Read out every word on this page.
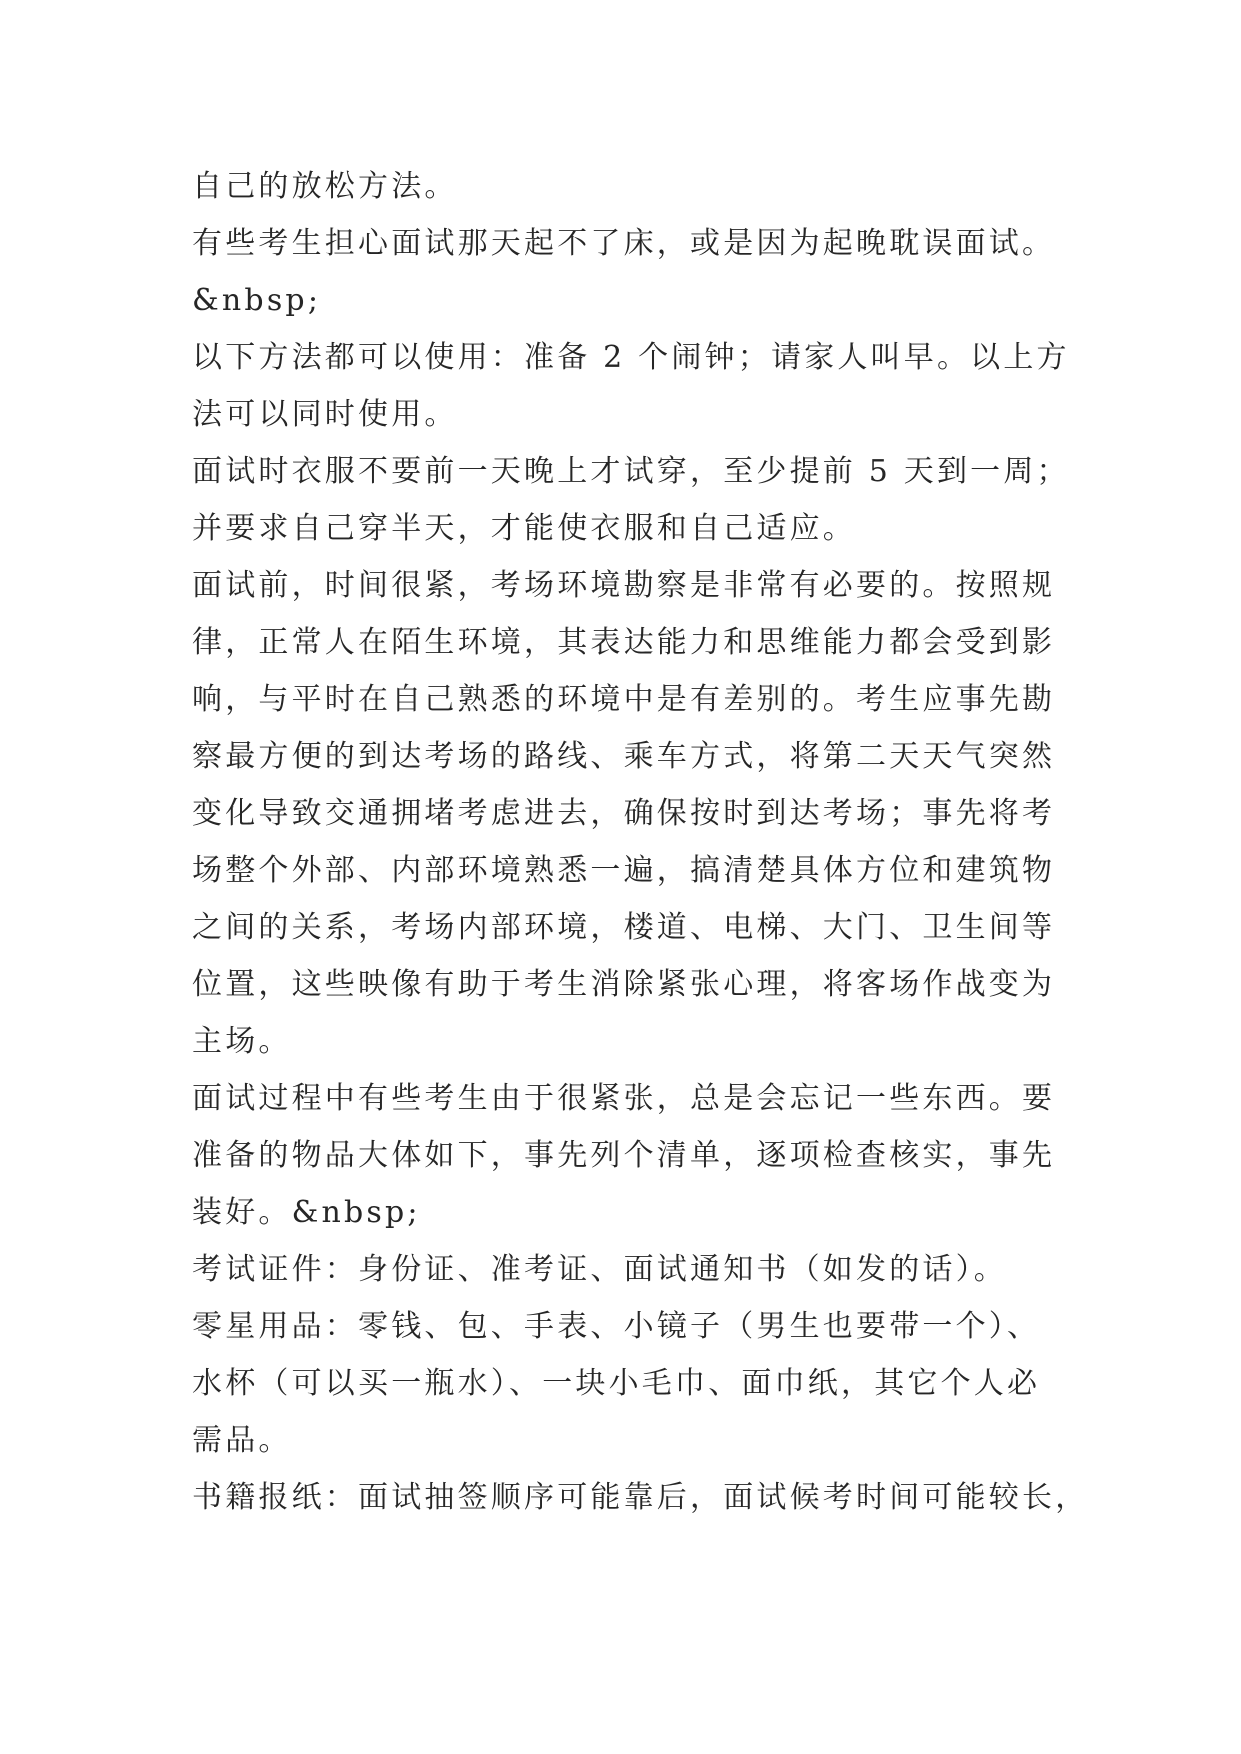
自己的放松方法。
有些考生担心面试那天起不了床，或是因为起晚耽误面试。
&nbsp;
以下方法都可以使用：准备 2 个闹钟；请家人叫早。以上方
法可以同时使用。
面试时衣服不要前一天晚上才试穿，至少提前 5 天到一周；
并要求自己穿半天，才能使衣服和自己适应。
面试前，时间很紧，考场环境勘察是非常有必要的。按照规
律，正常人在陌生环境，其表达能力和思维能力都会受到影
响，与平时在自己熟悉的环境中是有差别的。考生应事先勘
察最方便的到达考场的路线、乘车方式，将第二天天气突然
变化导致交通拥堵考虑进去，确保按时到达考场；事先将考
场整个外部、内部环境熟悉一遍，搞清楚具体方位和建筑物
之间的关系，考场内部环境，楼道、电梯、大门、卫生间等
位置，这些映像有助于考生消除紧张心理，将客场作战变为
主场。
面试过程中有些考生由于很紧张，总是会忘记一些东西。要
准备的物品大体如下，事先列个清单，逐项检查核实，事先
装好。&nbsp;
考试证件：身份证、准考证、面试通知书（如发的话）。
零星用品：零钱、包、手表、小镜子（男生也要带一个）、
水杯（可以买一瓶水）、一块小毛巾、面巾纸，其它个人必
需品。
书籍报纸：面试抽签顺序可能靠后，面试候考时间可能较长，
